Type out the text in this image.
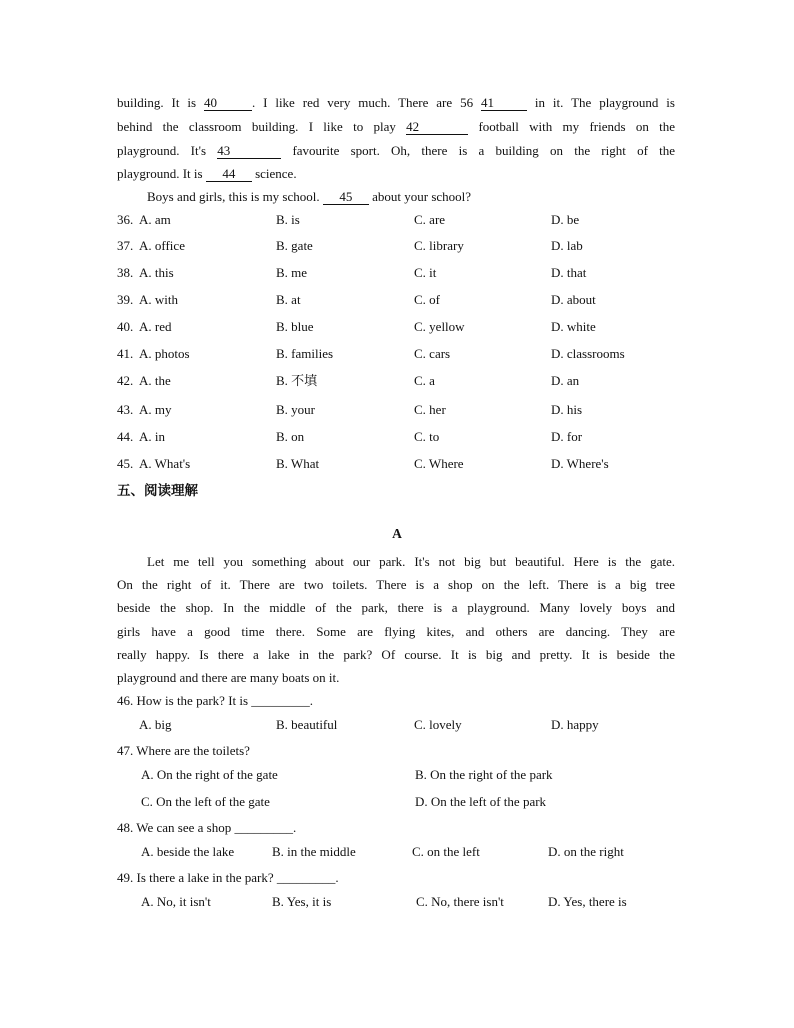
building. It is 40	. I like red very much. There are 56 41	in it. The playground is
behind the classroom building. I like to play 42	football with my friends on the
playground. It's 43	favourite sport. Oh, there is a building on the right of the
playground. It is 44 science.
Boys and girls, this is my school. 45 about your school?
36. A. am	B. is	C. are	D. be
37. A. office	B. gate	C. library	D. lab
38. A. this	B. me	C. it	D. that
39. A. with	B. at	C. of	D. about
40. A. red	B. blue	C. yellow	D. white
41. A. photos	B. families	C. cars	D. classrooms
42. A. the	B. 不填	C. a	D. an
43. A. my	B. your	C. her	D. his
44. A. in	B. on	C. to	D. for
45. A. What's	B. What	C. Where	D. Where's
五、阅读理解
A
Let me tell you something about our park. It's not big but beautiful. Here is the gate.
On the right of it. There are two toilets. There is a shop on the left. There is a big tree
beside the shop. In the middle of the park, there is a playground. Many lovely boys and
girls have a good time there. Some are flying kites, and others are dancing. They are
really happy. Is there a lake in the park? Of course. It is big and pretty. It is beside the
playground and there are many boats on it.
46. How is the park? It is _________.
A. big	B. beautiful	C. lovely	D. happy
47. Where are the toilets?
A. On the right of the gate	B. On the right of the park
C. On the left of the gate	D. On the left of the park
48. We can see a shop _________.
A. beside the lake	B. in the middle	C. on the left	D. on the right
49. Is there a lake in the park? _________.
A. No, it isn't	B. Yes, it is	C. No, there isn't	D. Yes, there is
